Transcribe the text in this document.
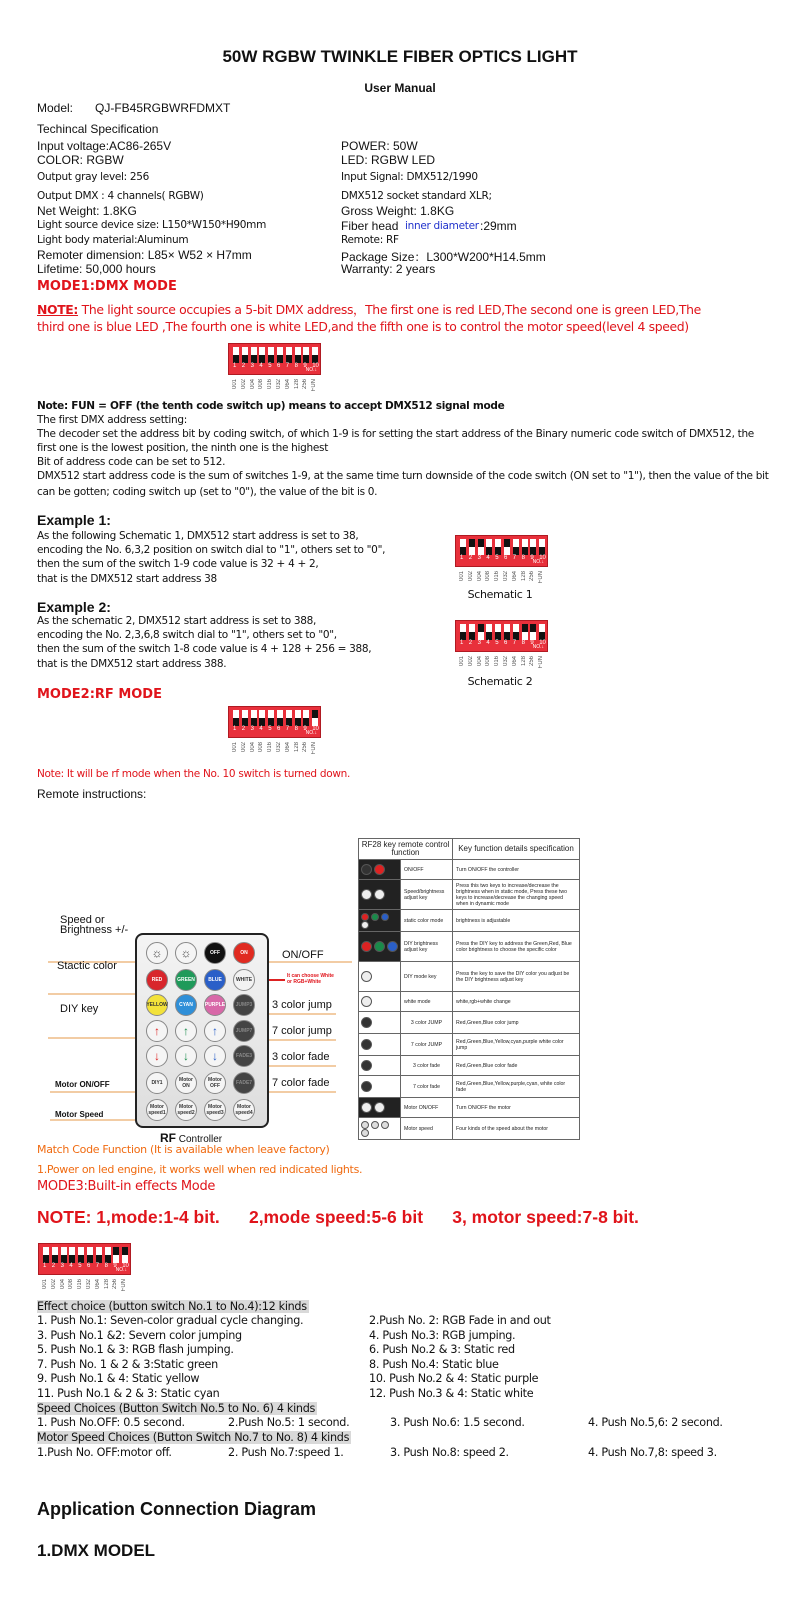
50W RGBW TWINKLE FIBER OPTICS LIGHT
User Manual
Model: QJ-FB45RGBWRFDMXT
Techincal Specification
Input voltage:AC86-265V	POWER: 50W
COLOR: RGBW	LED: RGBW LED
Output gray level: 256	Input Signal: DMX512/1990
Output DMX : 4 channels( RGBW)	DMX512 socket standard XLR;
Net Weight: 1.8KG	Gross Weight: 1.8KG
Light source device size: L150*W150*H90mm	Fiber head inner diameter :29mm
Light body material:Aluminum	Remote: RF
Remoter dimension: L85× W52 × H7mm	Package Size：L300*W200*H14.5mm
Lifetime: 50,000 hours	Warranty: 2 years
MODE1:DMX MODE
NOTE: The light source occupies a 5-bit DMX address，The first one is red LED,The second one is green LED,The
third one is blue LED ,The fourth one is white LED,and the fifth one is to control the motor speed(level 4 speed)
1 2 3 4 5 6 7 8 9 10
NO.↓
001 002 004 008 016 032 064 128 256 FUN
Note: FUN = OFF (the tenth code switch up) means to accept DMX512 signal mode
The first DMX address setting:
The decoder set the address bit by coding switch, of which 1-9 is for setting the start address of the Binary numeric code switch of DMX512, the
first one is the lowest position, the ninth one is the highest
Bit of address code can be set to 512.
DMX512 start address code is the sum of switches 1-9, at the same time turn downside of the code switch (ON set to "1"), then the value of the bit
can be gotten; coding switch up (set to "0"), the value of the bit is 0.
Example 1:
As the following Schematic 1, DMX512 start address is set to 38,
encoding the No. 6,3,2 position on switch dial to "1", others set to "0",
then the sum of the switch 1-9 code value is 32 + 4 + 2,
that is the DMX512 start address 38
1 2 3 4 5 6 7 8 9 10
NO.↓
001 002 004 008 016 032 064 128 256 FUN
Schematic 1
Example 2:
As the schematic 2, DMX512 start address is set to 388,
encoding the No. 2,3,6,8 switch dial to "1", others set to "0",
then the sum of the switch 1-8 code value is 4 + 128 + 256 = 388,
that is the DMX512 start address 388.
1 2 3 4 5 6 7 8 9 10
NO.↓
001 002 004 008 016 032 064 128 256 FUN
Schematic 2
MODE2:RF MODE
1 2 3 4 5 6 7 8 9 10
NO.↓
001 002 004 008 016 032 064 128 256 FUN
Note: It will be rf mode when the No. 10 switch is turned down.
Remote instructions:
☼	☼	OFF	ON
RED	GREEN	BLUE	WHITE
YELLOW	CYAN	PURPLE	JUMP3
↑	↑	↑	JUMP7
↓	↓	↓	FADE3
DIY1	Motor ON
Motor OFF	FADE7
Motor speed1
Motor speed2
Motor speed3
Motor speed4
RF Controller
Speed or
Brightness +/-
Stactic color
DIY key
Motor ON/OFF
Motor Speed
ON/OFF
It can choose White
or RGB+White
3 color jump
7 color jump
3 color fade
7 color fade
RF28 key remote control function		Key function details specification
	ON/OFF	Turn ON/OFF the controller
	Speed/brightness adjust key	Press this two keys to increase/decrease the brightness when in static mode, Press these two keys to increase/decrease the changing speed when in dynamic mode
	static color mode	brightness is adjustable
	DIY brightness adjust key	Press the DIY key to address the Green,Red, Blue color brightness to choose the specific color
	DIY mode key	Press the key to save the DIY color you adjust be the DIY brightness adjust key
	white mode	white,rgb+white change
	3 color JUMP	Red,Green,Blue color jump
	7 color JUMP	Red,Green,Blue,Yellow,cyan,purple white color jump
	3 color fade	Red,Green,Blue color fade
	7 color fade	Red,Green,Blue,Yellow,purple,cyan, white color fade
	Motor ON/OFF	Turn ON/OFF the motor
	Motor speed	Four kinds of the speed about the motor
Match Code Function (It is available when leave factory)
1.Power on led engine, it works well when red indicated lights.
MODE3:Built-in effects Mode
NOTE: 1,mode:1-4 bit.      2,mode speed:5-6 bit      3, motor speed:7-8 bit.
1 2 3 4 5 6 7 8 9 10
NO.↓
001 002 004 008 016 032 064 128 256 FUN
Effect choice (button switch No.1 to No.4):12 kinds
1. Push No.1: Seven-color gradual cycle changing.	2.Push No. 2: RGB Fade in and out
3. Push No.1 &2: Severn color jumping	4. Push No.3: RGB jumping.
5. Push No.1 & 3: RGB flash jumping.	6. Push No.2 & 3: Static red
7. Push No. 1 & 2 & 3:Static green	8. Push No.4: Static blue
9. Push No.1 & 4: Static yellow	10. Push No.2 & 4: Static purple
11. Push No.1 & 2 & 3: Static cyan	12. Push No.3 & 4: Static white
Speed Choices (Button Switch No.5 to No. 6) 4 kinds
1. Push No.OFF: 0.5 second.	2.Push No.5: 1 second.	3. Push No.6: 1.5 second.	4. Push No.5,6: 2 second.
Motor Speed Choices (Button Switch No.7 to No. 8) 4 kinds
1.Push No. OFF:motor off.	2. Push No.7:speed 1.	3. Push No.8: speed 2.	4. Push No.7,8: speed 3.
Application Connection Diagram
1.DMX MODEL
